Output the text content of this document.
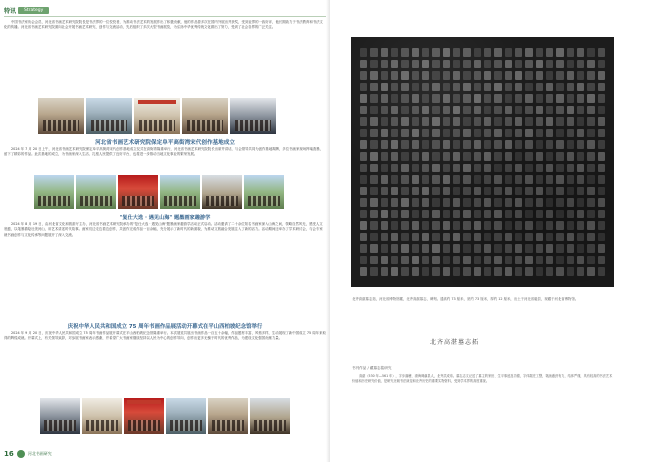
特讯	Strategy

中国书法家协会会员、河北省书画艺术研究院院長是书法界的一位佼佼者，为推动书法艺术的发展作出了积极贡献，他的作品曾多次在国内外展出并获奖，受到业界的一致好评，他长期致力于书法教育和书法文化的传播。河北省书画艺术研究院面向社会开展书画艺术研究、创作与交流活动，先后组织了多次大型书画展览，为弘扬中华优秀传统文化做出了努力，受到了社会各界的广泛关注。

河北省书画艺术研究院保定阜平高街湾宋代创作基地成立

2024 年 7 月 20 日上午，河北省书画艺术研究院保定阜平高街湾宋代创作基地成立仪式在高街湾隆重举行，河北省书画艺术研究院院长出席并讲话，与会领导共同为创作基地揭牌，多位书画家现场挥毫泼墨，留下了精彩的作品。此次基地的成立，为书画家深入生活、扎根人民提供了良好平台，也将进一步推动当地文化事业的繁荣发展。

"复仕大选 · 遇见山海" 题墨画家趣游学

2024 年 8 月 19 日，由河北省文化和旅游厅主办，河北省书画艺术研究院承办的"复仕大选 · 遇见山海"题墨画家趣游学活动正式启动。活动邀请了二十余位知名书画家深入山海之间，领略自然风光，感受人文底蕴，以笔墨描绘壮美河山，用艺术讲述时代故事。画家们边走边看边创作，共创作完成作品一百余幅，充分展示了新时代的新面貌，为推动文旅融合发展注入了新的活力。活动期间还举办了学术研讨会，与会专家就书画创作与文化传承等问题展开了深入交流。

庆祝中华人民共和国成立 75 周年书画作品展活动开幕式在平山西柏坡纪念馆举行

2024 年 9 月 20 日，庆祝中华人民共和国成立 75 周年书画作品展开幕式在平山西柏坡纪念馆隆重举行。本次展览共展出书画作品一百五十余幅，作品题材丰富、风格多样，生动展现了新中国成立 75 周年来取得的辉煌成就。开幕式上，有关领导致辞，对参展书画家表示感谢，并希望广大书画家继续坚持以人民为中心的创作导向，创作出更多无愧于时代的优秀作品，为建设文化强国贡献力量。

16	河北书画研究
北齐高湛墓志拓，河北省博物馆藏，北齐高湛墓志，碑刻。通高约 73 厘米，宽约 73 厘米，厚约 12 厘米，出土于河北省磁县，现藏于河北省博物馆。
北齐高湛墓志拓
书刊作品 / 藏墓志铭研究

高湛（530 年—561 年），字步落稽，渤海调蓨县人，北齐武成帝。墓志志文记述了墓主的家世、生平事迹及功德，字体端庄工整，笔画遒劲有力，结体严谨，具有较高的书法艺术价值和历史研究价值，是研究北朝书法演变和北齐历史的重要实物资料，受到学术界的高度重视。
